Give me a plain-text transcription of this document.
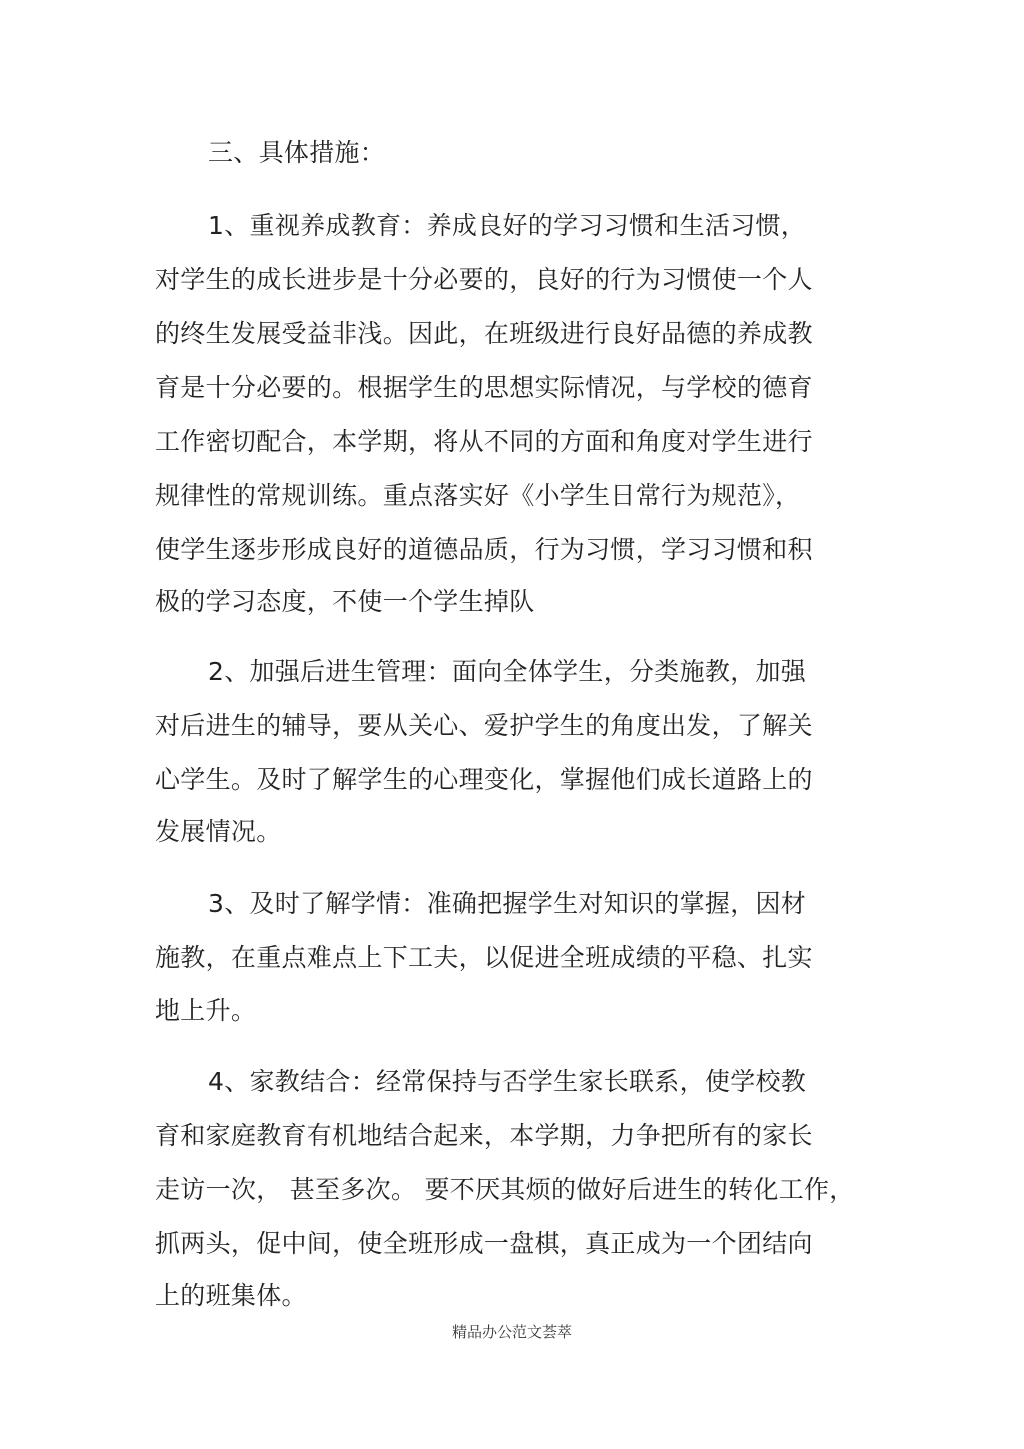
三、具体措施：
1、重视养成教育：养成良好的学习习惯和生活习惯，
对学生的成长进步是十分必要的，良好的行为习惯使一个人
的终生发展受益非浅。因此，在班级进行良好品德的养成教
育是十分必要的。根据学生的思想实际情况，与学校的德育
工作密切配合，本学期，将从不同的方面和角度对学生进行
规律性的常规训练。重点落实好《小学生日常行为规范》，
使学生逐步形成良好的道德品质，行为习惯，学习习惯和积
极的学习态度，不使一个学生掉队
2、加强后进生管理：面向全体学生，分类施教，加强
对后进生的辅导，要从关心、爱护学生的角度出发，了解关
心学生。及时了解学生的心理变化，掌握他们成长道路上的
发展情况。
3、及时了解学情：准确把握学生对知识的掌握，因材
施教，在重点难点上下工夫，以促进全班成绩的平稳、扎实
地上升。
4、家教结合：经常保持与否学生家长联系，使学校教
育和家庭教育有机地结合起来，本学期，力争把所有的家长
走访一次， 甚至多次。 要不厌其烦的做好后进生的转化工作，
抓两头，促中间，使全班形成一盘棋，真正成为一个团结向
上的班集体。
精品办公范文荟萃
